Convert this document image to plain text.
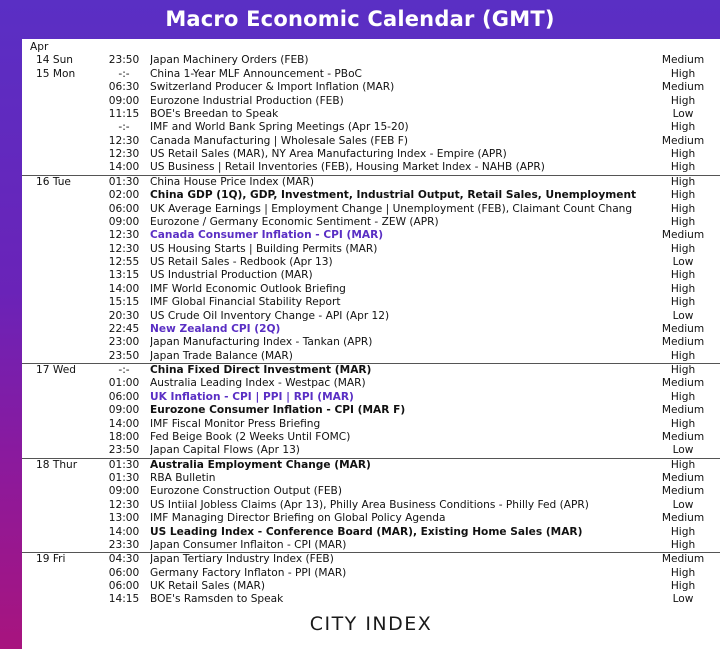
Macro Economic Calendar (GMT)
Apr
14 Sun	23:50	Japan Machinery Orders (FEB)	Medium
15 Mon	-:-	China 1-Year MLF Announcement - PBoC	High
06:30	Switzerland Producer & Import Inflation (MAR)	Medium
09:00	Eurozone Industrial Production (FEB)	High
11:15	BOE's Breedan to Speak	Low
-:-	IMF and World Bank Spring Meetings (Apr 15-20)	High
12:30	Canada Manufacturing | Wholesale Sales (FEB F)	Medium
12:30	US Retail Sales (MAR), NY Area Manufacturing Index - Empire (APR)	High
14:00	US Business | Retail Inventories (FEB), Housing Market Index - NAHB (APR)	High
16 Tue	01:30	China House Price Index (MAR)	High
02:00	China GDP (1Q), GDP, Investment, Industrial Output, Retail Sales, Unemployment	High
06:00	UK Average Earnings | Employment Change | Unemployment (FEB), Claimant Count Chang	High
09:00	Eurozone / Germany Economic Sentiment - ZEW (APR)	High
12:30	Canada Consumer Inflation - CPI (MAR)	Medium
12:30	US Housing Starts | Building Permits (MAR)	High
12:55	US Retail Sales - Redbook (Apr 13)	Low
13:15	US Industrial Production (MAR)	High
14:00	IMF World Economic Outlook Briefing	High
15:15	IMF Global Financial Stability Report	High
20:30	US Crude Oil Inventory Change - API (Apr 12)	Low
22:45	New Zealand CPI (2Q)	Medium
23:00	Japan Manufacturing Index - Tankan (APR)	Medium
23:50	Japan Trade Balance (MAR)	High
17 Wed	-:-	China Fixed Direct Investment (MAR)	High
01:00	Australia Leading Index - Westpac (MAR)	Medium
06:00	UK Inflation - CPI | PPI | RPI (MAR)	High
09:00	Eurozone Consumer Inflation - CPI (MAR F)	Medium
14:00	IMF Fiscal Monitor Press Briefing	High
18:00	Fed Beige Book (2 Weeks Until FOMC)	Medium
23:50	Japan Capital Flows (Apr 13)	Low
18 Thur	01:30	Australia Employment Change (MAR)	High
01:30	RBA Bulletin	Medium
09:00	Eurozone Construction Output (FEB)	Medium
12:30	US Intiial Jobless Claims (Apr 13), Philly Area Business Conditions - Philly Fed (APR)	Low
13:00	IMF Managing Director Briefing on Global Policy Agenda	Medium
14:00	US Leading Index - Conference Board (MAR), Existing Home Sales (MAR)	High
23:30	Japan Consumer Inflaiton - CPI (MAR)	High
19 Fri	04:30	Japan Tertiary Industry Index (FEB)	Medium
06:00	Germany Factory Inflaton - PPI (MAR)	High
06:00	UK Retail Sales (MAR)	High
14:15	BOE's Ramsden to Speak	Low
CITY INDEX
